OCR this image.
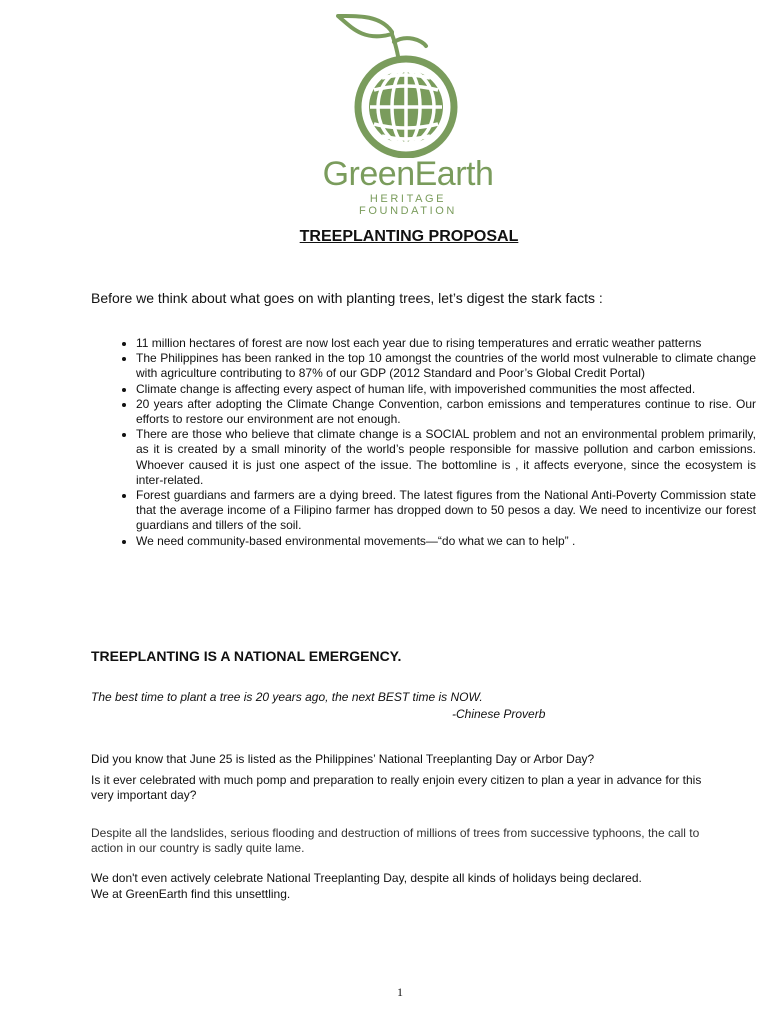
GreenEarth
HERITAGE FOUNDATION
TREEPLANTING PROPOSAL
Before we think about what goes on with planting trees, let’s digest the stark facts :
• 11 million hectares of forest are now lost each year due to rising temperatures and erratic weather patterns
• The Philippines has been ranked in the top 10 amongst the countries of the world most vulnerable to climate change with agriculture contributing to 87% of our GDP (2012 Standard and Poor’s Global Credit Portal)
• Climate change is affecting every aspect of human life, with impoverished communities the most affected.
• 20 years after adopting the Climate Change Convention, carbon emissions and temperatures continue to rise. Our efforts to restore our environment are not enough.
• There are those who believe that climate change is a SOCIAL problem and not an environmental problem primarily, as it is created by a small minority of the world’s people responsible for massive pollution and carbon emissions. Whoever caused it is just one aspect of the issue. The bottomline is , it affects everyone, since the ecosystem is inter-related.
• Forest guardians and farmers are a dying breed. The latest figures from the National Anti-Poverty Commission state that the average income of a Filipino farmer has dropped down to 50 pesos a day. We need to incentivize our forest guardians and tillers of the soil.
• We need community-based environmental movements—“do what we can to help” .
TREEPLANTING IS A NATIONAL EMERGENCY.
The best time to plant a tree is 20 years ago, the next BEST time is NOW.
-Chinese Proverb
Did you know that June 25 is listed as the Philippines’ National Treeplanting Day or Arbor Day?
Is it ever celebrated with much pomp and preparation to really enjoin every citizen to plan a year in advance for this very important day?
Despite all the landslides, serious flooding and destruction of millions of trees from successive typhoons, the call to action in our country is sadly quite lame.
We don't even actively celebrate National Treeplanting Day, despite all kinds of holidays being declared.
We at GreenEarth find this unsettling.
1
